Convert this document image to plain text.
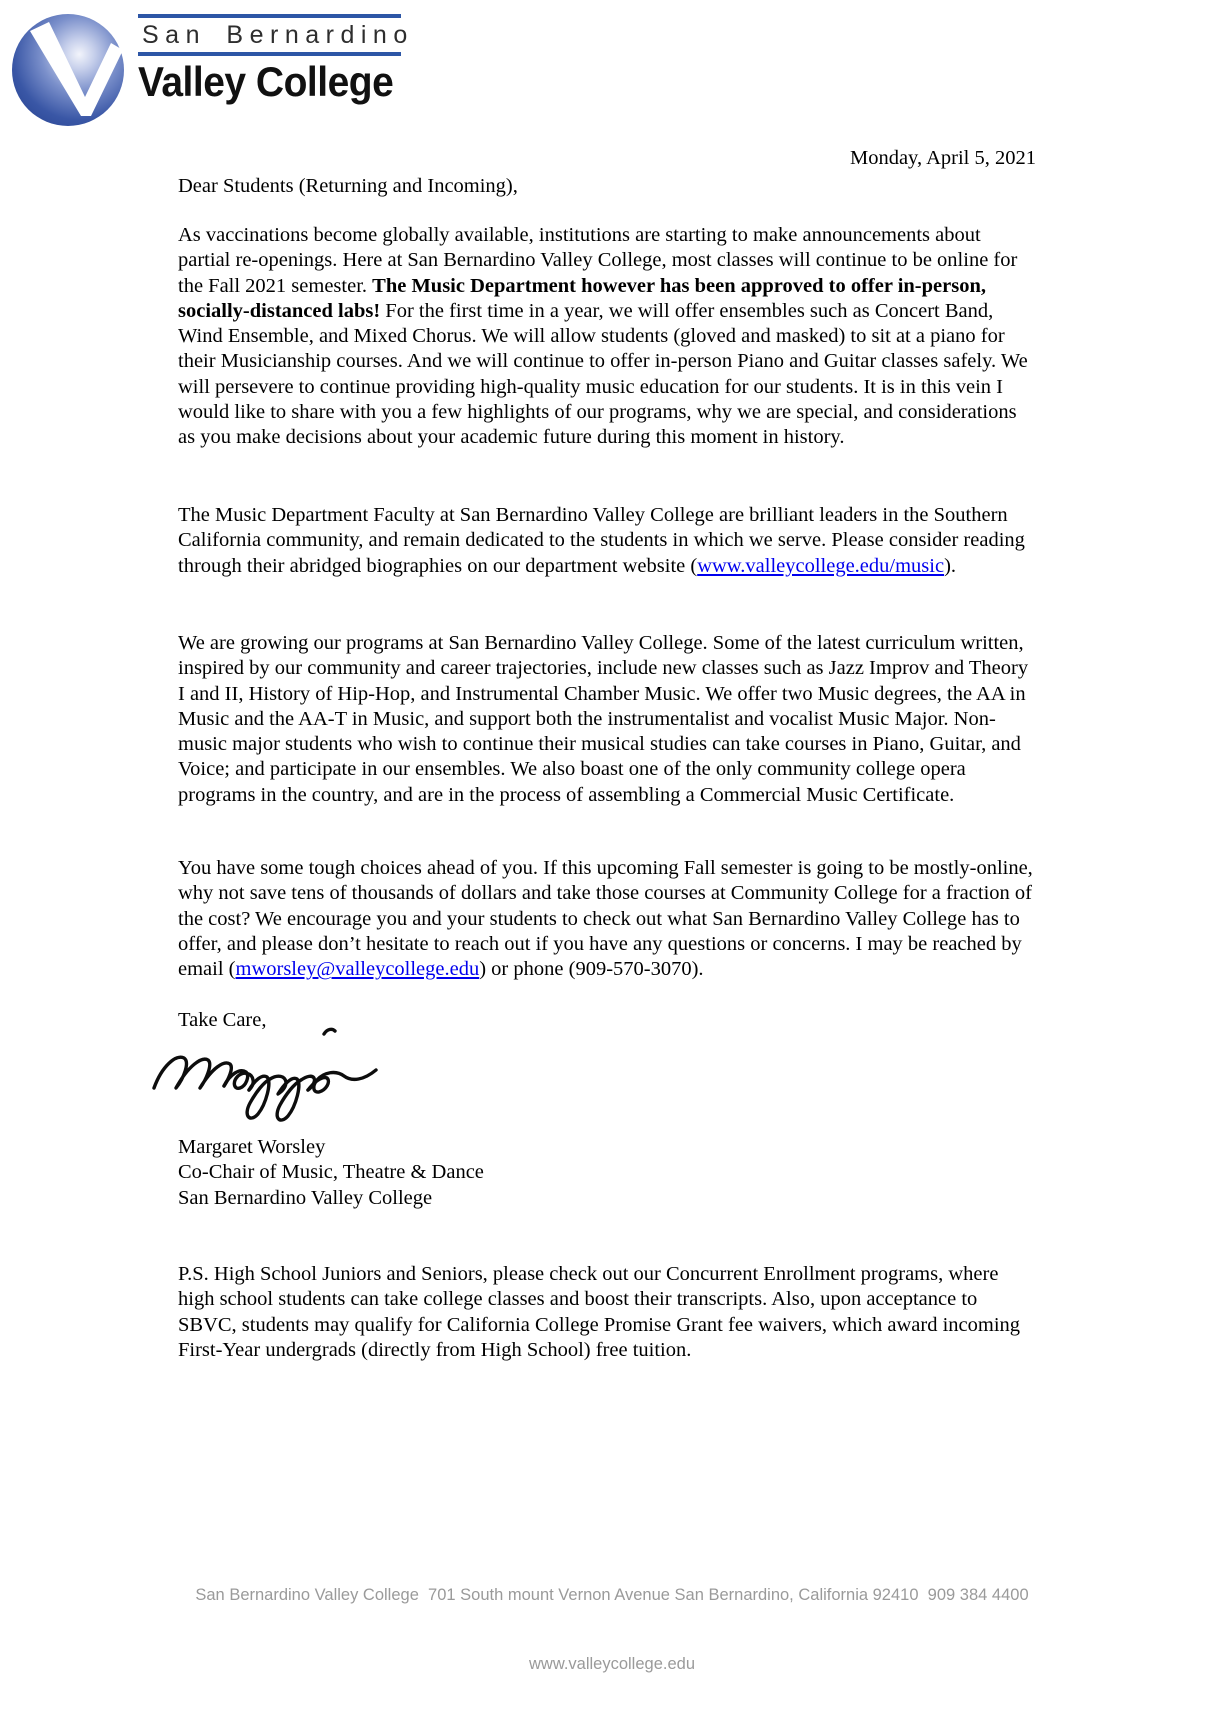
San Bernardino
Valley College
Monday, April 5, 2021
Dear Students (Returning and Incoming),
As vaccinations become globally available, institutions are starting to make announcements about partial re-openings. Here at San Bernardino Valley College, most classes will continue to be online for the Fall 2021 semester. The Music Department however has been approved to offer in-person, socially-distanced labs! For the first time in a year, we will offer ensembles such as Concert Band, Wind Ensemble, and Mixed Chorus. We will allow students (gloved and masked) to sit at a piano for their Musicianship courses. And we will continue to offer in-person Piano and Guitar classes safely. We will persevere to continue providing high-quality music education for our students. It is in this vein I would like to share with you a few highlights of our programs, why we are special, and considerations as you make decisions about your academic future during this moment in history.
The Music Department Faculty at San Bernardino Valley College are brilliant leaders in the Southern California community, and remain dedicated to the students in which we serve. Please consider reading through their abridged biographies on our department website (www.valleycollege.edu/music).
We are growing our programs at San Bernardino Valley College. Some of the latest curriculum written, inspired by our community and career trajectories, include new classes such as Jazz Improv and Theory I and II, History of Hip-Hop, and Instrumental Chamber Music. We offer two Music degrees, the AA in Music and the AA-T in Music, and support both the instrumentalist and vocalist Music Major. Non-music major students who wish to continue their musical studies can take courses in Piano, Guitar, and Voice; and participate in our ensembles. We also boast one of the only community college opera programs in the country, and are in the process of assembling a Commercial Music Certificate.
You have some tough choices ahead of you. If this upcoming Fall semester is going to be mostly-online, why not save tens of thousands of dollars and take those courses at Community College for a fraction of the cost? We encourage you and your students to check out what San Bernardino Valley College has to offer, and please don’t hesitate to reach out if you have any questions or concerns. I may be reached by email (mworsley@valleycollege.edu) or phone (909-570-3070).
Take Care,
Margaret Worsley
Co-Chair of Music, Theatre & Dance
San Bernardino Valley College
P.S. High School Juniors and Seniors, please check out our Concurrent Enrollment programs, where high school students can take college classes and boost their transcripts. Also, upon acceptance to SBVC, students may qualify for California College Promise Grant fee waivers, which award incoming First-Year undergrads (directly from High School) free tuition.

San Bernardino Valley College  701 South mount Vernon Avenue San Bernardino, California 92410  909 384 4400

www.valleycollege.edu
